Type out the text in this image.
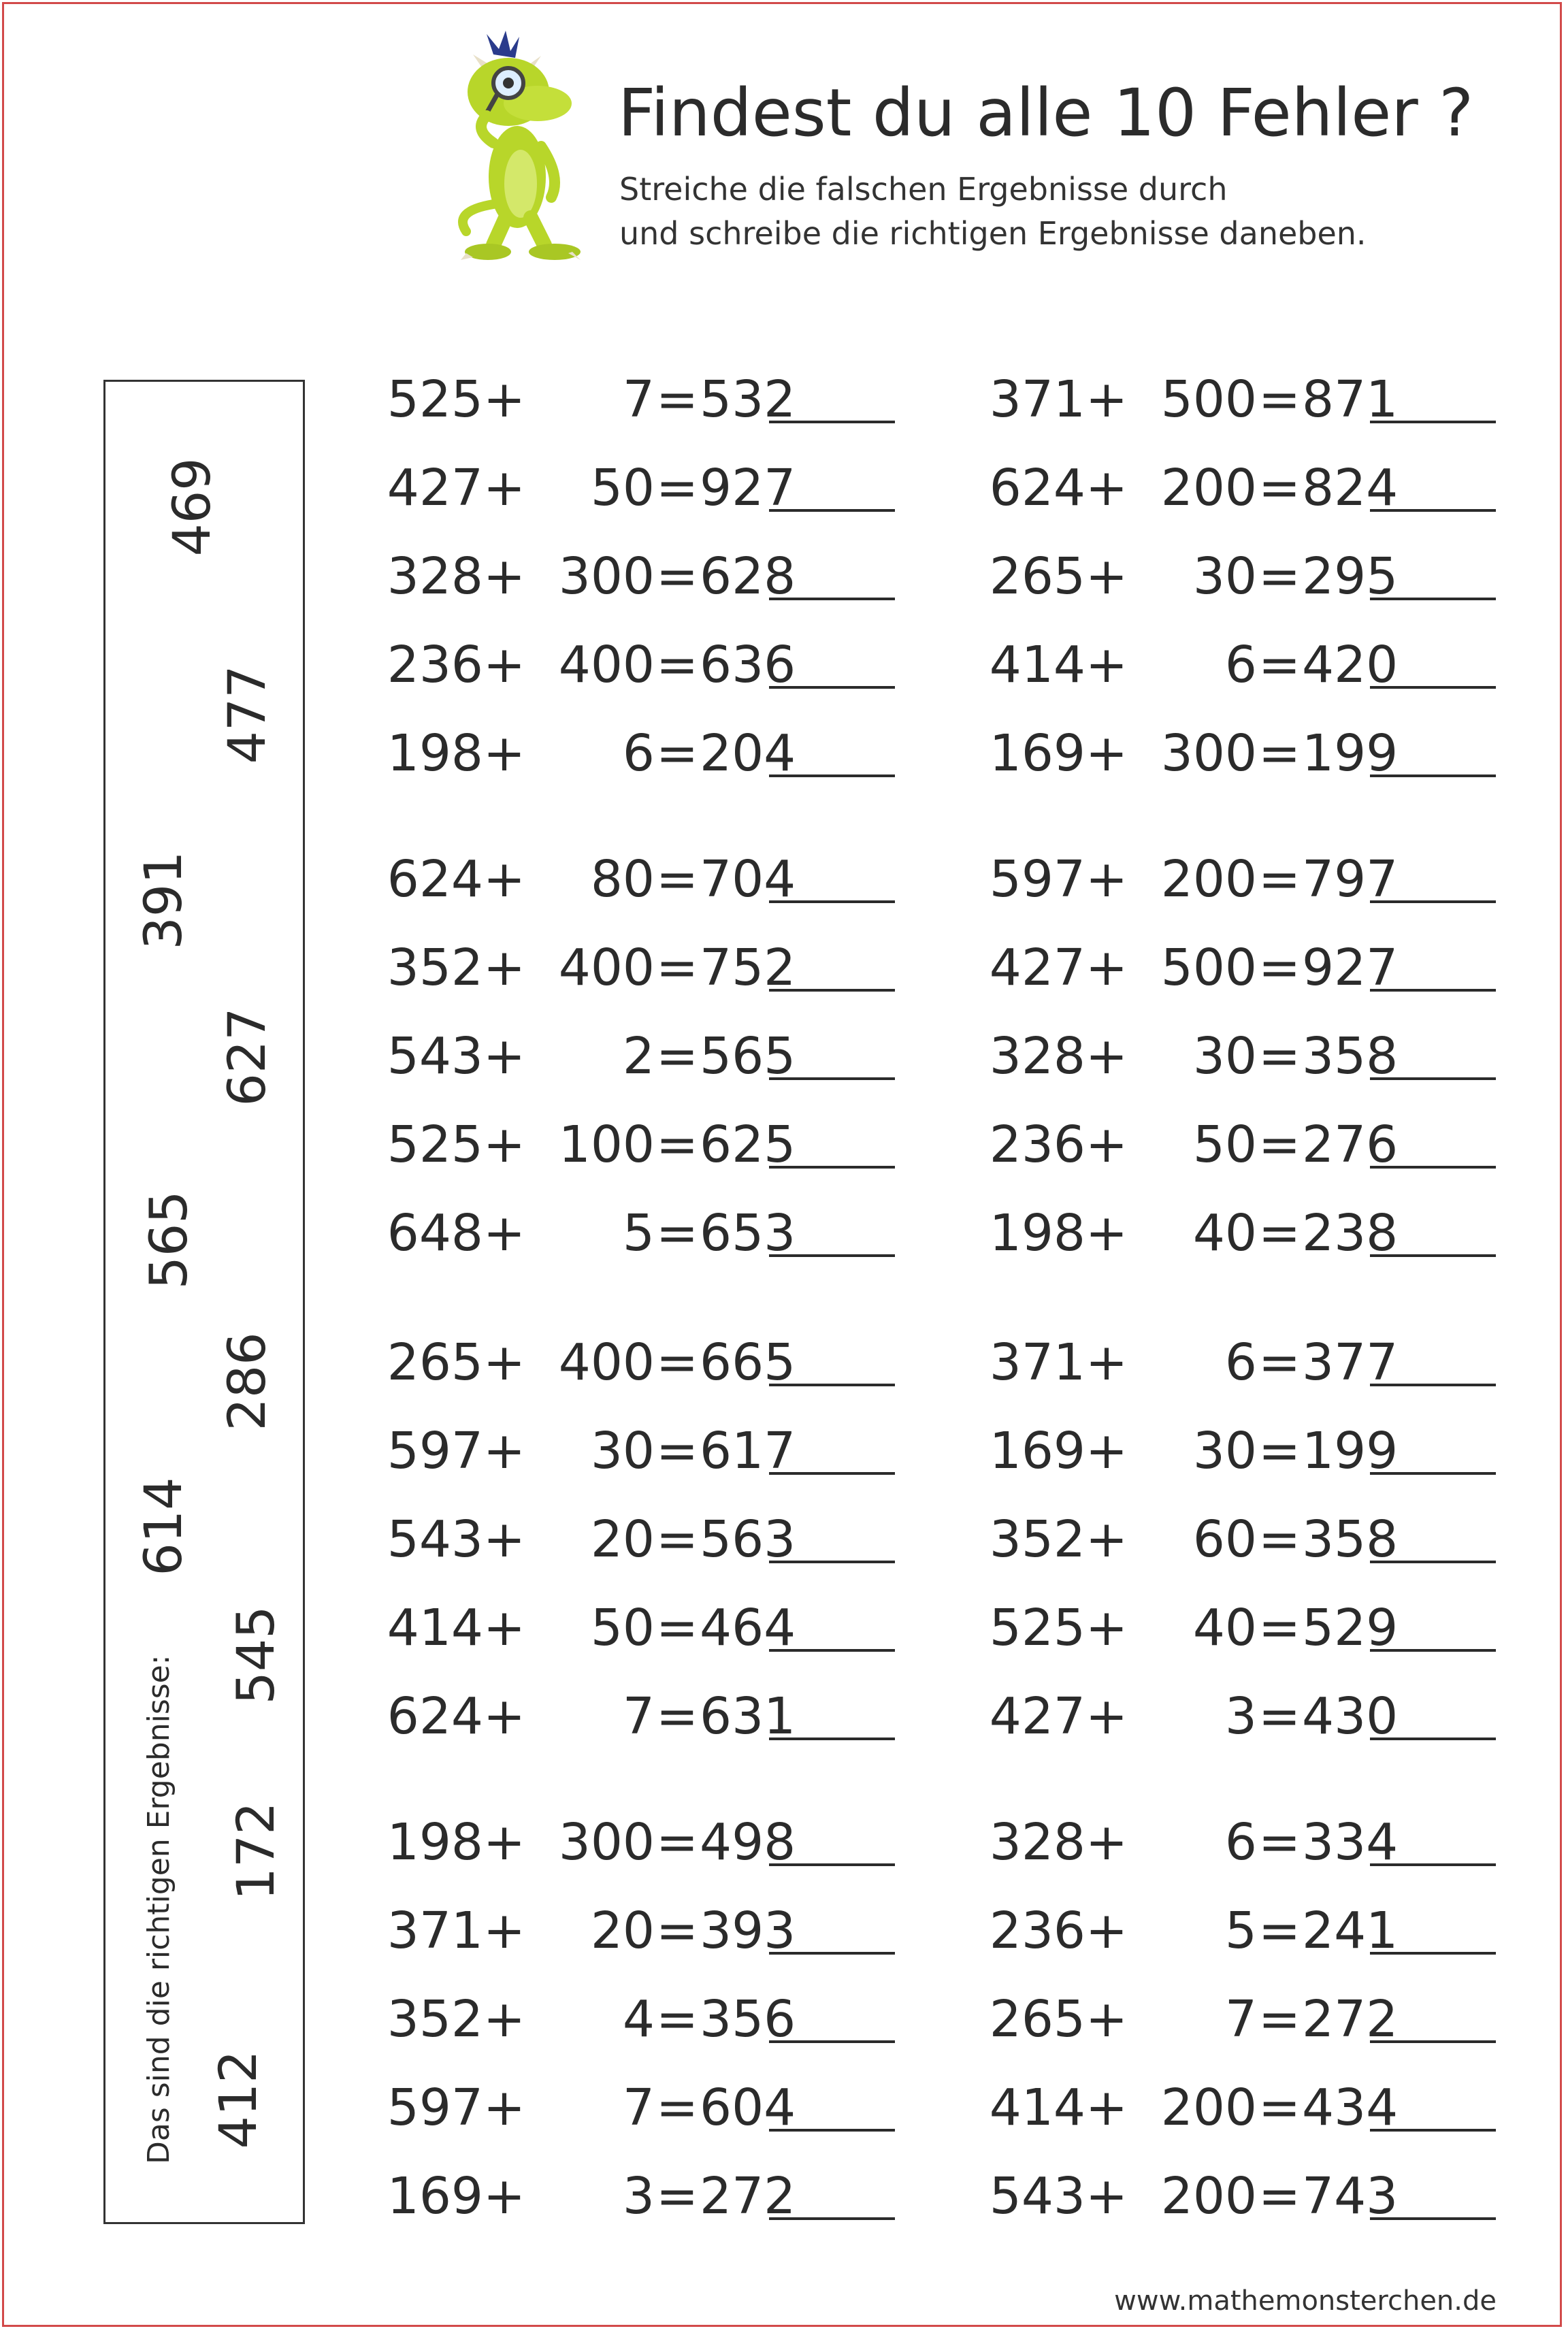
Findest du alle 10 Fehler ?
Streiche die falschen Ergebnisse durch
und schreibe die richtigen Ergebnisse daneben.
Das sind die richtigen Ergebnisse:
469
477
391
627
565
286
614
545
172
412
525 +	7 = 532
427 +	50 = 927
328 + 300 = 628
236 + 400 = 636
198 +	6 = 204
624 +	80 = 704
352 + 400 = 752
543 +	2 = 565
525 + 100 = 625
648 +	5 = 653
265 + 400 = 665
597 +	30 = 617
543 +	20 = 563
414 +	50 = 464
624 +	7 = 631
198 + 300 = 498
371 +	20 = 393
352 +	4 = 356
597 +	7 = 604
169 +	3 = 272
371 + 500 = 871
624 + 200 = 824
265 +	30 = 295
414 +	6 = 420
169 + 300 = 199
597 + 200 = 797
427 + 500 = 927
328 +	30 = 358
236 +	50 = 276
198 +	40 = 238
371 +	6 = 377
169 +	30 = 199
352 +	60 = 358
525 +	40 = 529
427 +	3 = 430
328 +	6 = 334
236 +	5 = 241
265 +	7 = 272
414 + 200 = 434
543 + 200 = 743
www.mathemonsterchen.de
